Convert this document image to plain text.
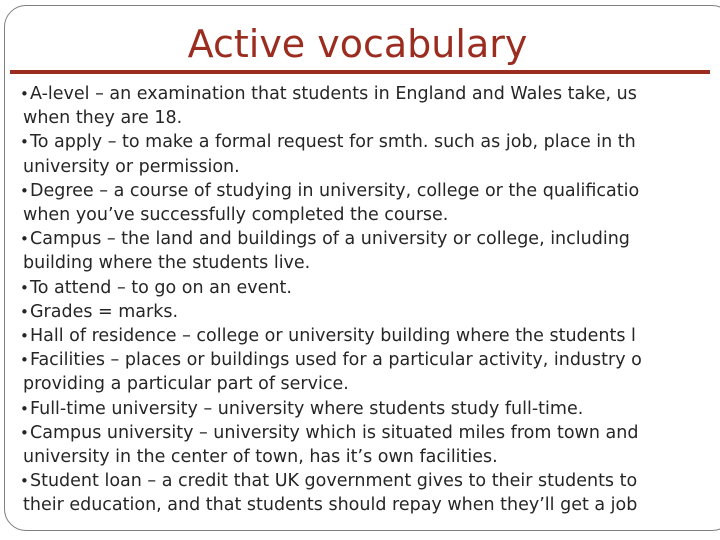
Active vocabulary
• A-level – an examination that students in England and Wales take, us
when they are 18.
• To apply – to make a formal request for smth. such as job, place in th
university or permission.
• Degree – a course of studying in university, college or the qualificatio
when you’ve successfully completed the course.
• Campus – the land and buildings of a university or college, including
building where the students live.
• To attend – to go on an event.
• Grades = marks.
• Hall of residence – college or university building where the students l
• Facilities – places or buildings used for a particular activity, industry o
providing a particular part of service.
• Full-time university – university where students study full-time.
• Campus university – university which is situated miles from town and
university in the center of town, has it’s own facilities.
• Student loan – a credit that UK government gives to their students to
their education, and that students should repay when they’ll get a job
